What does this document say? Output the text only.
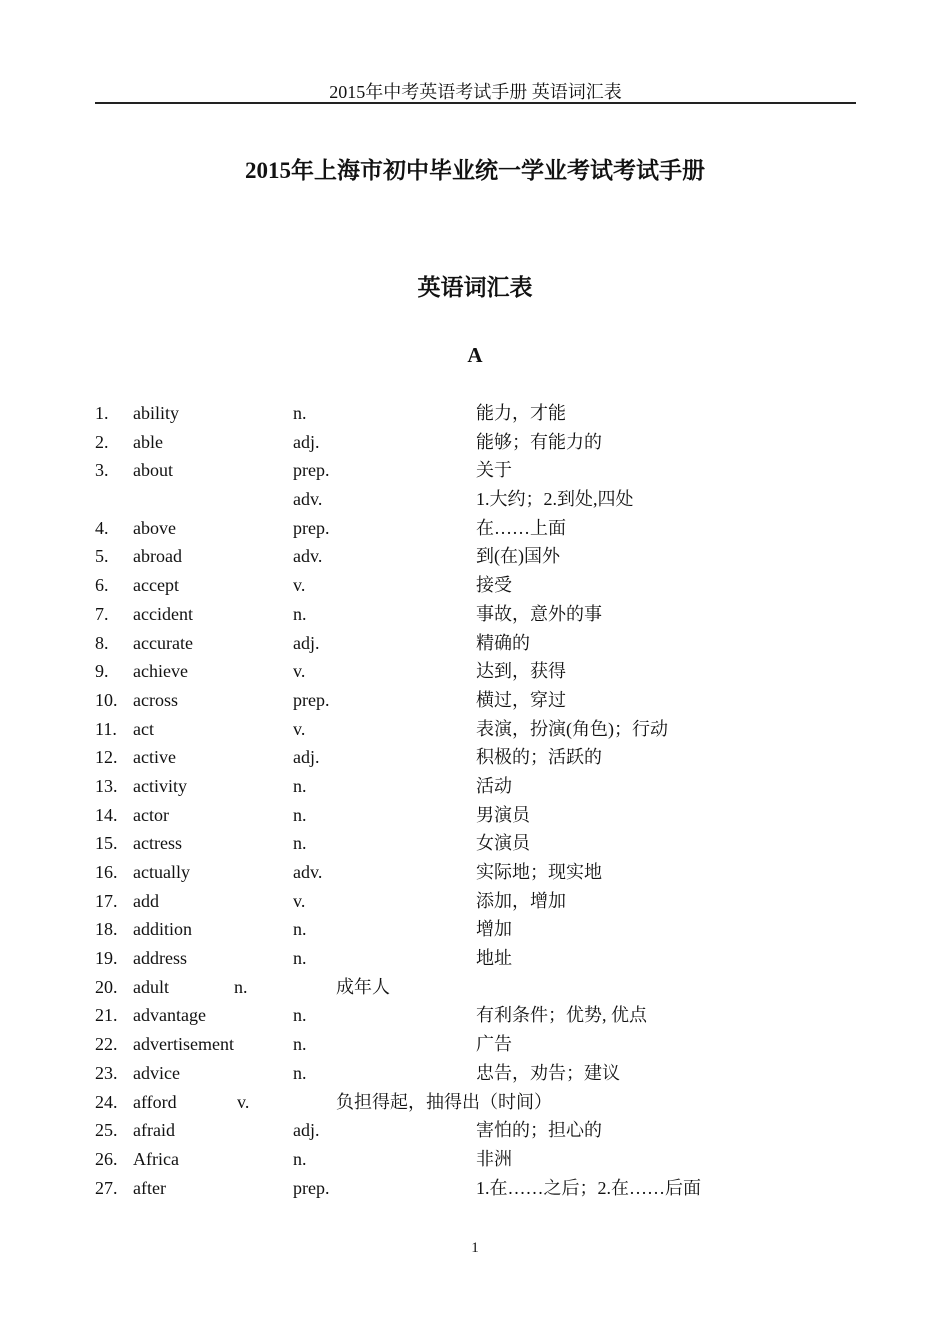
2015年中考英语考试手册 英语词汇表
2015年上海市初中毕业统一学业考试考试手册
英语词汇表
A
1. ability	n.	能力，才能
2. able	adj.	能够；有能力的
3. about	prep.	关于
adv.	1.大约；2.到处,四处
4. above	prep.	在……上面
5. abroad	adv.	到(在)国外
6. accept	v.	接受
7. accident	n.	事故，意外的事
8. accurate	adj.	精确的
9. achieve	v.	达到，获得
10. across	prep.	横过，穿过
11. act	v.	表演，扮演(角色)；行动
12. active	adj.	积极的；活跃的
13. activity	n.	活动
14. actor	n.	男演员
15. actress	n.	女演员
16. actually	adv.	实际地；现实地
17. add	v.	添加，增加
18. addition	n.	增加
19. address	n.	地址
20. adult	n.	成年人
21. advantage	n.	有利条件；优势, 优点
22. advertisement	n.	广告
23. advice	n.	忠告，劝告；建议
24. afford	v.	负担得起，抽得出（时间）
25. afraid	adj.	害怕的；担心的
26. Africa	n.	非洲
27. after	prep.	1.在……之后；2.在……后面
1
